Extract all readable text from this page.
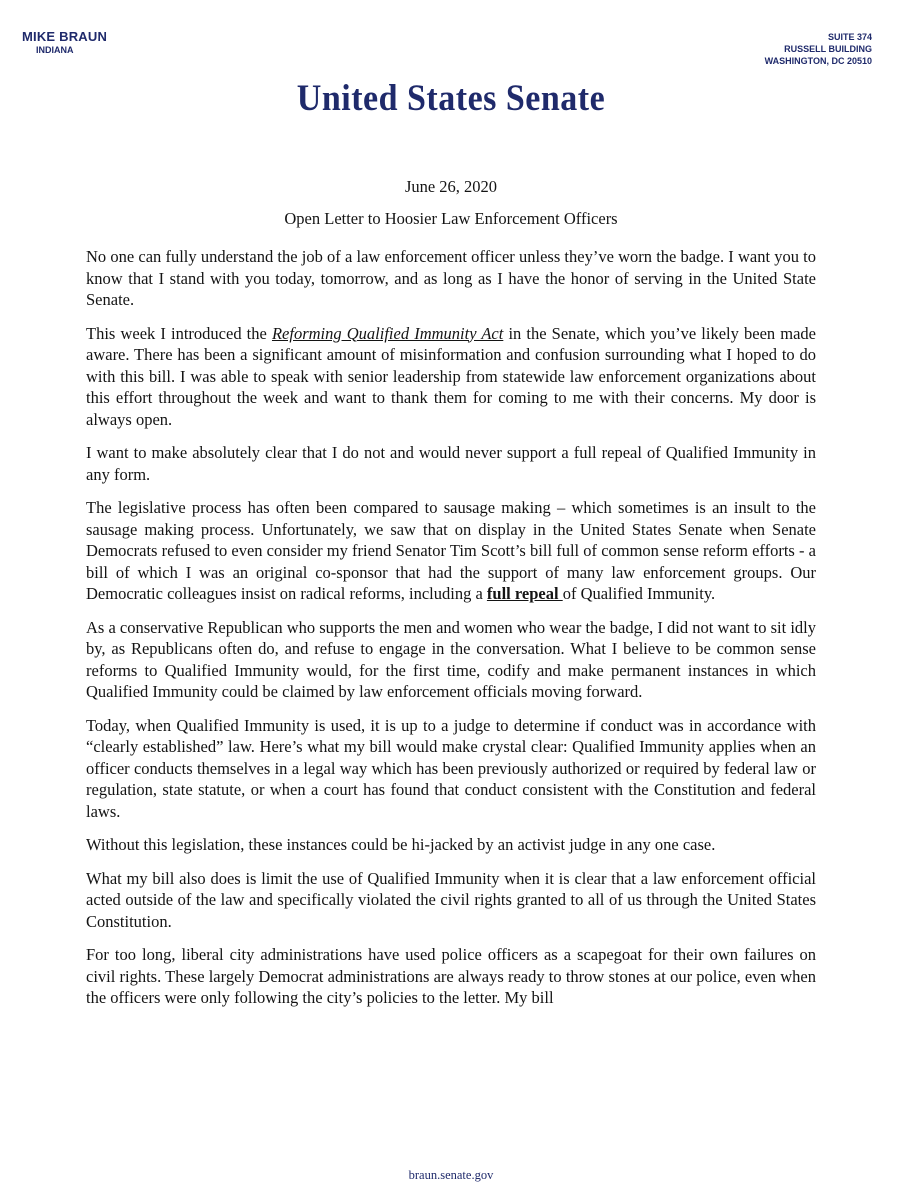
MIKE BRAUN
INDIANA
SUITE 374
RUSSELL BUILDING
WASHINGTON, DC 20510
United States Senate
June 26, 2020
Open Letter to Hoosier Law Enforcement Officers

No one can fully understand the job of a law enforcement officer unless they’ve worn the badge. I want you to know that I stand with you today, tomorrow, and as long as I have the honor of serving in the United State Senate.

This week I introduced the Reforming Qualified Immunity Act in the Senate, which you’ve likely been made aware. There has been a significant amount of misinformation and confusion surrounding what I hoped to do with this bill. I was able to speak with senior leadership from statewide law enforcement organizations about this effort throughout the week and want to thank them for coming to me with their concerns. My door is always open.

I want to make absolutely clear that I do not and would never support a full repeal of Qualified Immunity in any form.

The legislative process has often been compared to sausage making – which sometimes is an insult to the sausage making process. Unfortunately, we saw that on display in the United States Senate when Senate Democrats refused to even consider my friend Senator Tim Scott’s bill full of common sense reform efforts - a bill of which I was an original co-sponsor that had the support of many law enforcement groups. Our Democratic colleagues insist on radical reforms, including a full repeal of Qualified Immunity.

As a conservative Republican who supports the men and women who wear the badge, I did not want to sit idly by, as Republicans often do, and refuse to engage in the conversation. What I believe to be common sense reforms to Qualified Immunity would, for the first time, codify and make permanent instances in which Qualified Immunity could be claimed by law enforcement officials moving forward.

Today, when Qualified Immunity is used, it is up to a judge to determine if conduct was in accordance with “clearly established” law. Here’s what my bill would make crystal clear: Qualified Immunity applies when an officer conducts themselves in a legal way which has been previously authorized or required by federal law or regulation, state statute, or when a court has found that conduct consistent with the Constitution and federal laws.

Without this legislation, these instances could be hi-jacked by an activist judge in any one case.

What my bill also does is limit the use of Qualified Immunity when it is clear that a law enforcement official acted outside of the law and specifically violated the civil rights granted to all of us through the United States Constitution.

For too long, liberal city administrations have used police officers as a scapegoat for their own failures on civil rights. These largely Democrat administrations are always ready to throw stones at our police, even when the officers were only following the city’s policies to the letter. My bill

braun.senate.gov
